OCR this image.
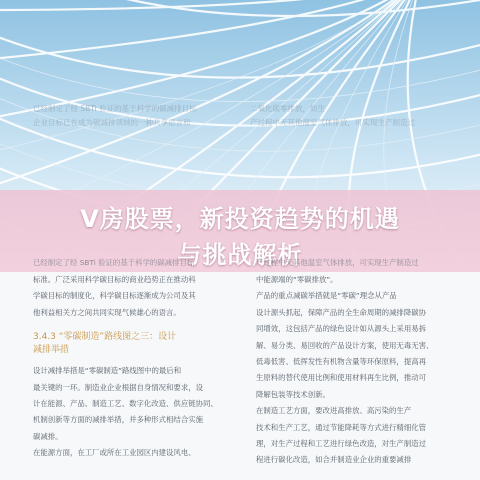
已经制定了经 SBTi 验证的基于科学的碳减排目标
企业目标已在成为碳减排领域的一种共享语言和
二氧化碳零排放，如生
产过程中无其他温室气体排放，可实现生产制造过
V房股票，新投资趋势的机遇
与挑战解析
标准。广泛采用科学碳目标的商业趋势正在推动科
学碳目标的制度化，科学碳目标逐渐成为公司及其
他利益相关方之间共同实现气候雄心的语言。
3.4.3 “零碳制造”路线图之三：设计
减排举措
设计减排举措是“零碳制造”路线图中的最后和
最关键的一环。制造业企业根据自身情况和要求，设
计在能源、产品、制造工艺、数字化改造、供应链协同、
机制创新等方面的减排举措，并多种形式相结合实施
碳减排。
在能源方面，在工厂或所在工业园区内建设风电、
中能源端的“零碳排放”。
产品的重点减碳举措就是“零碳”理念从产品
设计源头抓起，保障产品的全生命周期的减排降碳协
同增效，这包括产品的绿色设计如从源头上采用易拆
解、易分类、易回收的产品设计方案，使用无毒无害、
低毒低害、低挥发性有机物含量等环保原料，提高再
生原料的替代使用比例和使用材料再生比例，推动可
降解包装等技术创新。
在制造工艺方面，要改进高排放、高污染的生产
技术和生产工艺，通过节能降耗等方式进行精细化管
理，对生产过程和工艺进行绿色改造，对生产制造过
程进行碳化改造，如合并制造业企业的重要减排
已经制定了经 SBTi 验证的基于科学的碳减排目标	产过程中无其他温室气体排放，可实现生产制造过
